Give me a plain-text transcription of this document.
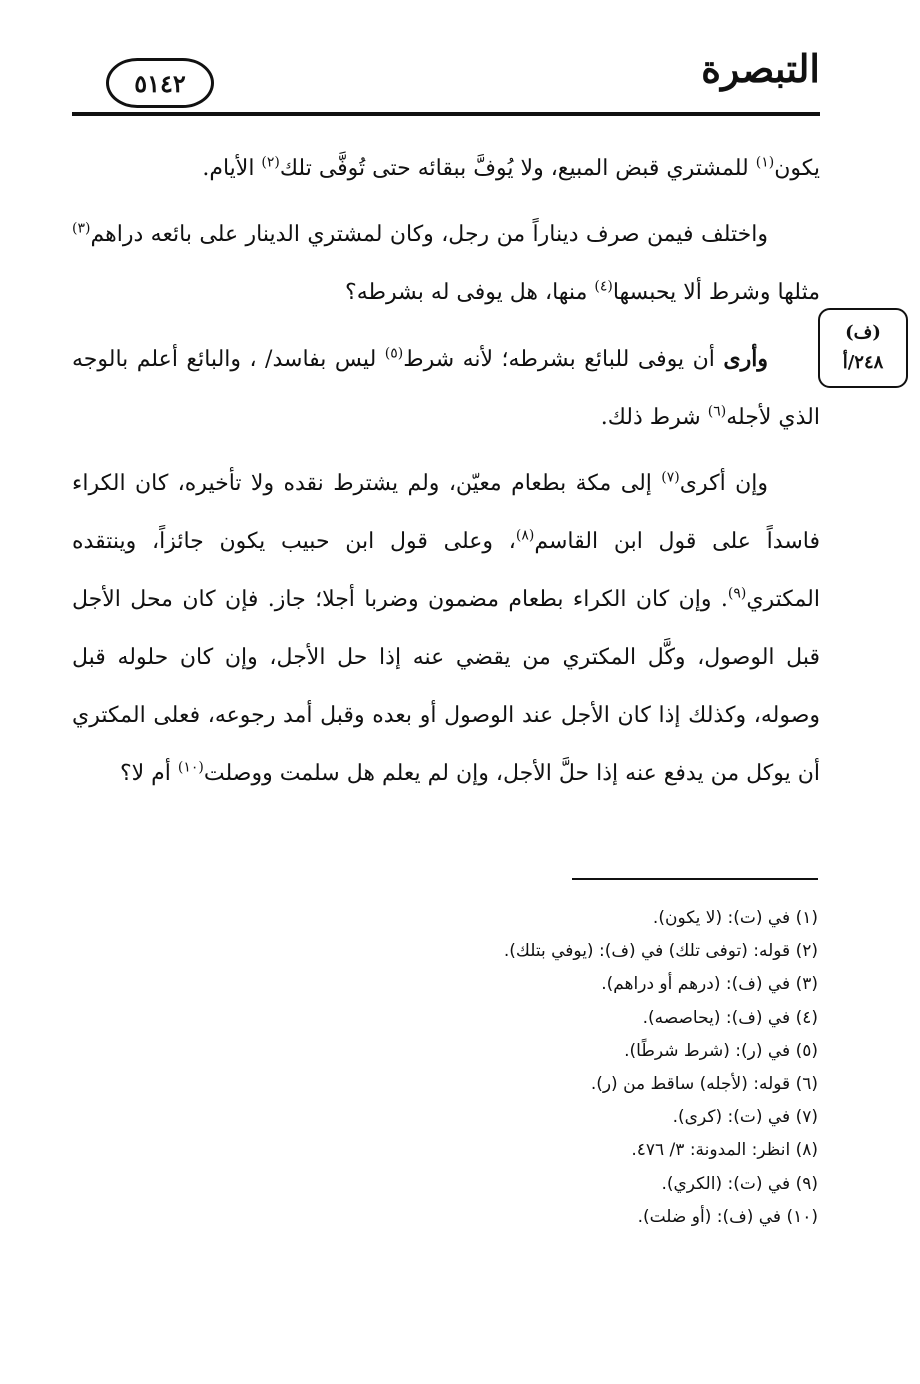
التبصرة
٥١٤٢
(ف)
٢٤٨/أ

يكون$^{(١)}$ للمشتري قبض المبيع، ولا يُوفَّ ببقائه حتى تُوفَّى تلك$^{(٢)}$ الأيام.

واختلف فيمن صرف ديناراً من رجل، وكان لمشتري الدينار على بائعه دراهم$^{(٣)}$ مثلها وشرط ألا يحبسها$^{(٤)}$ منها، هل يوفى له بشرطه؟

وأرى أن يوفى للبائع بشرطه؛ لأنه شرط$^{(٥)}$ ليس بفاسد/ ، والبائع أعلم بالوجه الذي لأجله$^{(٦)}$ شرط ذلك.

وإن أكرى$^{(٧)}$ إلى مكة بطعام معيّن، ولم يشترط نقده ولا تأخيره، كان الكراء فاسداً على قول ابن القاسم$^{(٨)}$، وعلى قول ابن حبيب يكون جائزاً، وينتقده المكتري$^{(٩)}$. وإن كان الكراء بطعام مضمون وضربا أجلا؛ جاز. فإن كان محل الأجل قبل الوصول، وكَّل المكتري من يقضي عنه إذا حل الأجل، وإن كان حلوله قبل وصوله، وكذلك إذا كان الأجل عند الوصول أو بعده وقبل أمد رجوعه، فعلى المكتري أن يوكل من يدفع عنه إذا حلَّ الأجل، وإن لم يعلم هل سلمت ووصلت$^{(١٠)}$ أم لا؟

(١) في (ت): (لا يكون).
(٢) قوله: (توفى تلك) في (ف): (يوفي بتلك).
(٣) في (ف): (درهم أو دراهم).
(٤) في (ف): (يحاصصه).
(٥) في (ر): (شرط شرطًا).
(٦) قوله: (لأجله) ساقط من (ر).
(٧) في (ت): (كرى).
(٨) انظر: المدونة: ٣/ ٤٧٦.
(٩) في (ت): (الكري).
(١٠) في (ف): (أو ضلت).
